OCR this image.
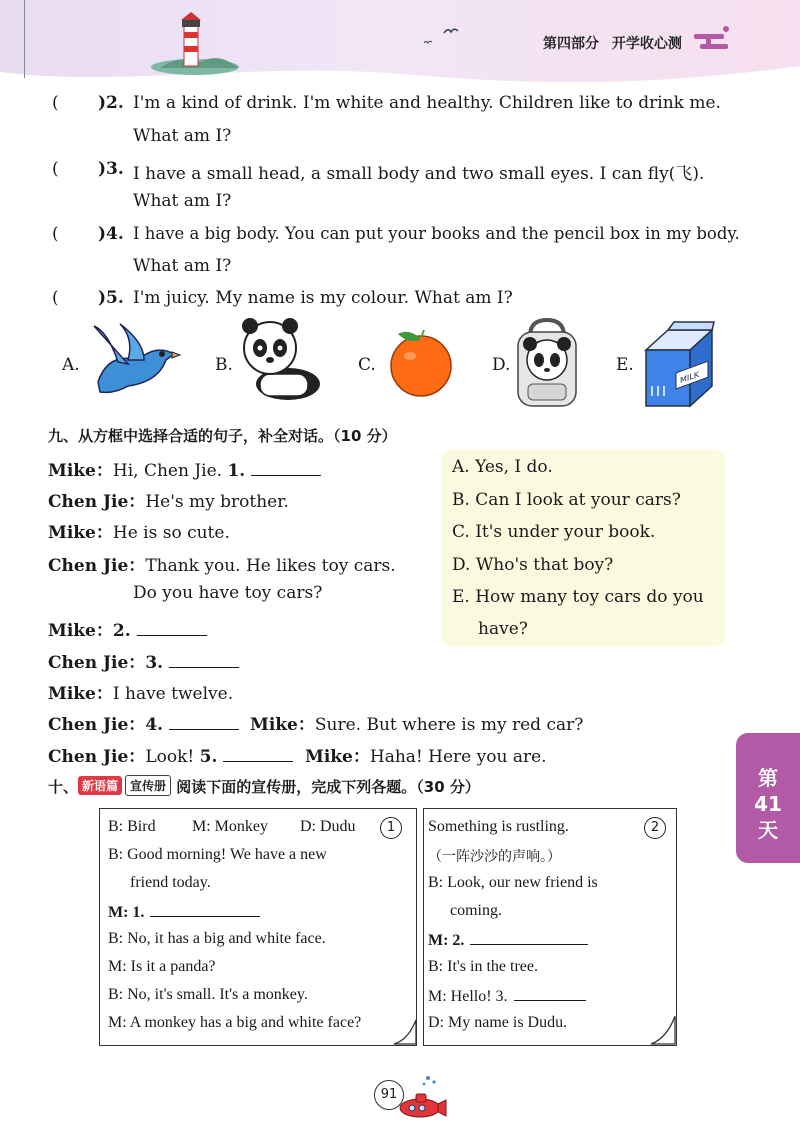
第四部分 开学收心测
( )2. I'm a kind of drink. I'm white and healthy. Children like to drink me.
What am I?
( )3. I have a small head, a small body and two small eyes. I can fly(飞).
What am I?
( )4. I have a big body. You can put your books and the pencil box in my body.
What am I?
( )5. I'm juicy. My name is my colour. What am I?
A.	B.	C.	D.	E.
MILK
九、从方框中选择合适的句子，补全对话。（10 分）
A. Yes, I do.
B. Can I look at your cars?
C. It's under your book.
D. Who's that boy?
E. How many toy cars do you
have?
Mike：Hi, Chen Jie. 1.
Chen Jie：He's my brother.
Mike：He is so cute.
Chen Jie：Thank you. He likes toy cars.
Do you have toy cars?
Mike：2.
Chen Jie：3.
Mike：I have twelve.
Chen Jie：4.	Mike：Sure. But where is my red car?
Chen Jie：Look! 5.	Mike：Haha! Here you are.
十、 新语篇 宣传册 阅读下面的宣传册，完成下列各题。（30 分）
B: Bird M: Monkey D: Dudu	1
B: Good morning! We have a new
friend today.
M: 1.
B: No, it has a big and white face.
M: Is it a panda?
B: No, it's small. It's a monkey.
M: A monkey has a big and white face?
Something is rustling.	2
（一阵沙沙的声响。）
B: Look, our new friend is
coming.
M: 2.
B: It's in the tree.
M: Hello! 3.
D: My name is Dudu.
第
41
天
91
